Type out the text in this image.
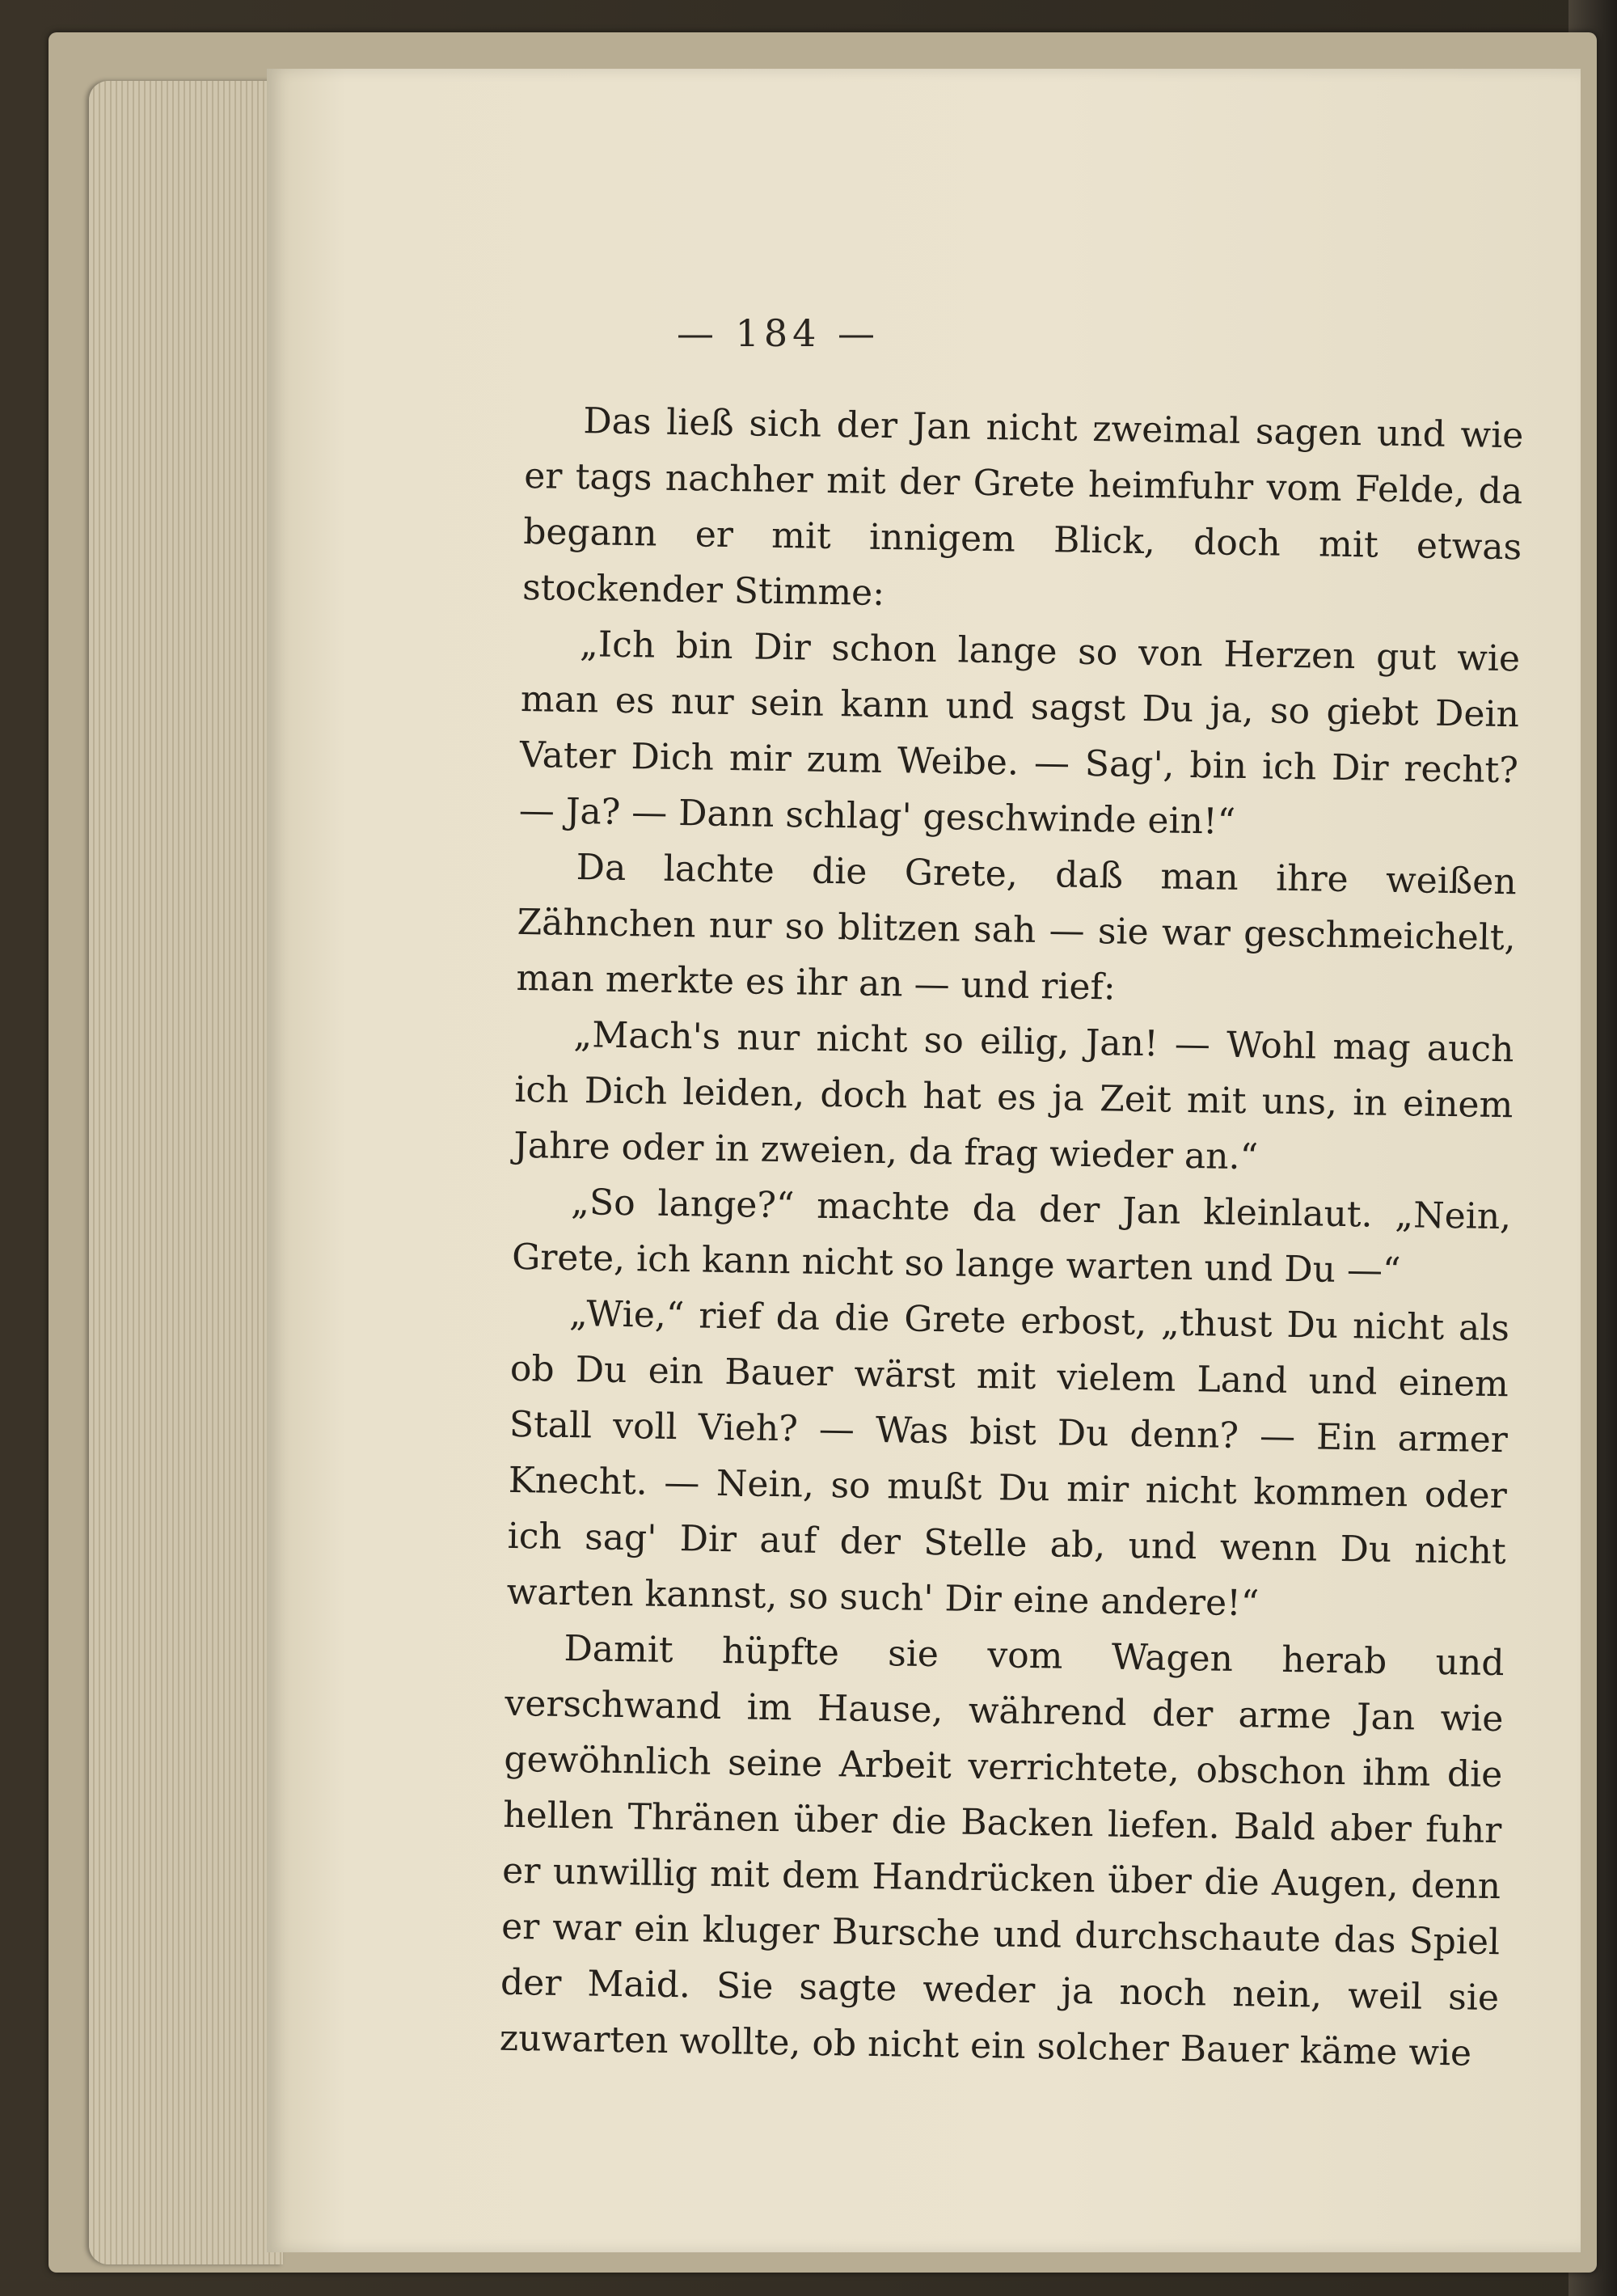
— 184 —

Das ließ sich der Jan nicht zweimal sagen und wie er tags nachher mit der Grete heimfuhr vom Felde, da begann er mit innigem Blick, doch mit etwas stockender Stimme:

„Ich bin Dir schon lange so von Herzen gut wie man es nur sein kann und sagst Du ja, so giebt Dein Vater Dich mir zum Weibe. — Sag', bin ich Dir recht? — Ja? — Dann schlag' geschwinde ein!“

Da lachte die Grete, daß man ihre weißen Zähnchen nur so blitzen sah — sie war geschmeichelt, man merkte es ihr an — und rief:

„Mach's nur nicht so eilig, Jan! — Wohl mag auch ich Dich leiden, doch hat es ja Zeit mit uns, in einem Jahre oder in zweien, da frag wieder an.“

„So lange?“ machte da der Jan kleinlaut. „Nein, Grete, ich kann nicht so lange warten und Du —“

„Wie,“ rief da die Grete erbost, „thust Du nicht als ob Du ein Bauer wärst mit vielem Land und einem Stall voll Vieh? — Was bist Du denn? — Ein armer Knecht. — Nein, so mußt Du mir nicht kommen oder ich sag' Dir auf der Stelle ab, und wenn Du nicht warten kannst, so such' Dir eine andere!“

Damit hüpfte sie vom Wagen herab und verschwand im Hause, während der arme Jan wie gewöhnlich seine Arbeit verrichtete, obschon ihm die hellen Thränen über die Backen liefen. Bald aber fuhr er unwillig mit dem Handrücken über die Augen, denn er war ein kluger Bursche und durchschaute das Spiel der Maid. Sie sagte weder ja noch nein, weil sie zuwarten wollte, ob nicht ein solcher Bauer käme wie
